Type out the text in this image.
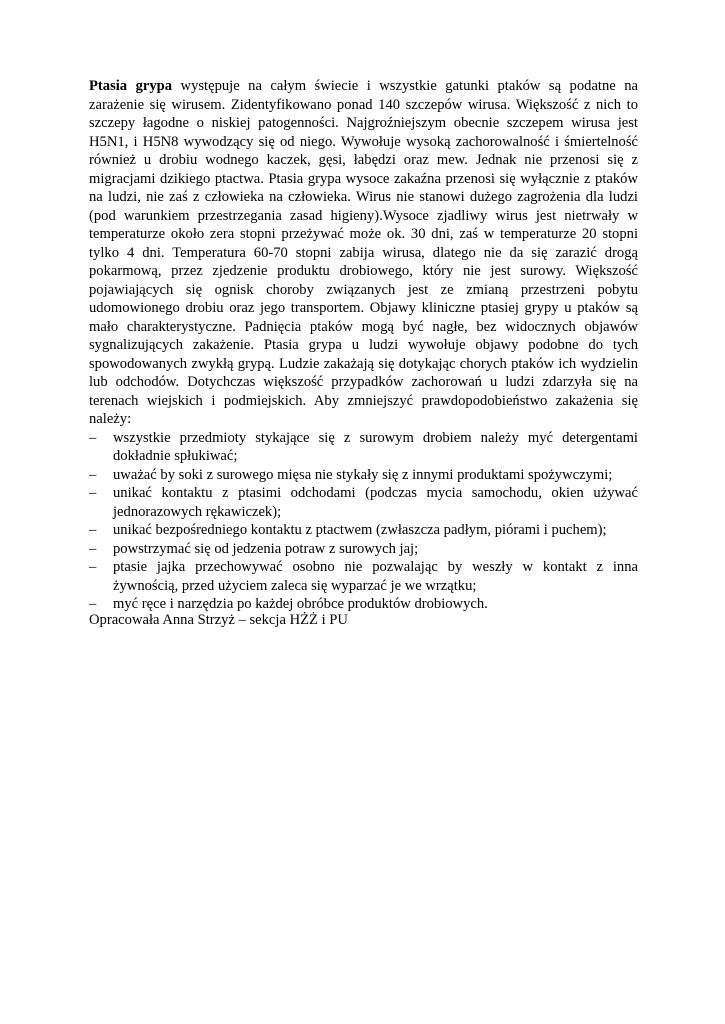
Ptasia grypa występuje na całym świecie i wszystkie gatunki ptaków są podatne na zarażenie się wirusem. Zidentyfikowano ponad 140 szczepów wirusa. Większość z nich to szczepy łagodne o niskiej patogenności. Najgroźniejszym obecnie szczepem wirusa jest H5N1, i H5N8 wywodzący się od niego. Wywołuje wysoką zachorowalność i śmiertelność również u drobiu wodnego kaczek, gęsi, łabędzi oraz mew. Jednak nie przenosi się z migracjami dzikiego ptactwa. Ptasia grypa wysoce zakaźna przenosi się wyłącznie z ptaków na ludzi, nie zaś z człowieka na człowieka. Wirus nie stanowi dużego zagrożenia dla ludzi (pod warunkiem przestrzegania zasad higieny).Wysoce zjadliwy wirus jest nietrwały w temperaturze około zera stopni przeżywać może ok. 30 dni, zaś w temperaturze 20 stopni tylko 4 dni. Temperatura 60-70 stopni zabija wirusa, dlatego nie da się zarazić drogą pokarmową, przez zjedzenie produktu drobiowego, który nie jest surowy. Większość pojawiających się ognisk choroby związanych jest ze zmianą przestrzeni pobytu udomowionego drobiu oraz jego transportem. Objawy kliniczne ptasiej grypy u ptaków są mało charakterystyczne. Padnięcia ptaków mogą być nagłe, bez widocznych objawów sygnalizujących zakażenie. Ptasia grypa u ludzi wywołuje objawy podobne do tych spowodowanych zwykłą grypą. Ludzie zakażają się dotykając chorych ptaków ich wydzielin lub odchodów. Dotychczas większość przypadków zachorowań u ludzi zdarzyła się na terenach wiejskich i podmiejskich. Aby zmniejszyć prawdopodobieństwo zakażenia się należy:

– wszystkie przedmioty stykające się z surowym drobiem należy myć detergentami dokładnie spłukiwać;
– uważać by soki z surowego mięsa nie stykały się z innymi produktami spożywczymi;
– unikać kontaktu z ptasimi odchodami (podczas mycia samochodu, okien używać jednorazowych rękawiczek);
– unikać bezpośredniego kontaktu z ptactwem (zwłaszcza padłym, piórami i puchem);
– powstrzymać się od jedzenia potraw z surowych jaj;
– ptasie jajka przechowywać osobno nie pozwalając by weszły w kontakt z inna żywnością, przed użyciem zaleca się wyparzać je we wrzątku;
– myć ręce i narzędzia po każdej obróbce produktów drobiowych.

Opracowała Anna Strzyż – sekcja HŻŻ i PU
